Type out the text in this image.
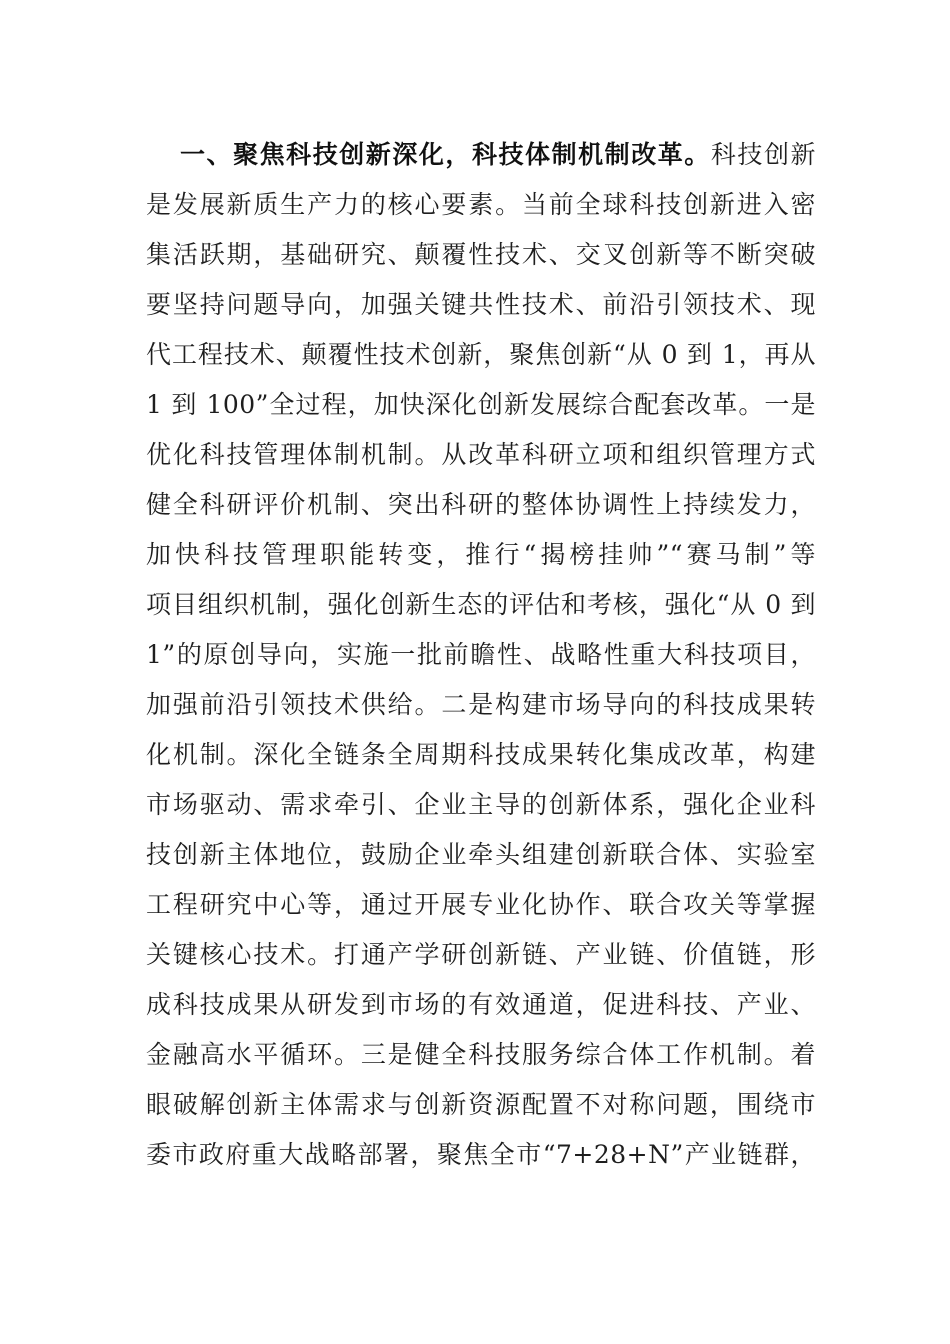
一、聚焦科技创新深化，科技体制机制改革。科技创新
是发展新质生产力的核心要素。当前全球科技创新进入密
集活跃期，基础研究、颠覆性技术、交叉创新等不断突破
要坚持问题导向，加强关键共性技术、前沿引领技术、现
代工程技术、颠覆性技术创新，聚焦创新“从 0 到 1，再从
1 到 100”全过程，加快深化创新发展综合配套改革。一是
优化科技管理体制机制。从改革科研立项和组织管理方式
健全科研评价机制、突出科研的整体协调性上持续发力，
加快科技管理职能转变，推行“揭榜挂帅”“赛马制”等
项目组织机制，强化创新生态的评估和考核，强化“从 0 到
1”的原创导向，实施一批前瞻性、战略性重大科技项目，
加强前沿引领技术供给。二是构建市场导向的科技成果转
化机制。深化全链条全周期科技成果转化集成改革，构建
市场驱动、需求牵引、企业主导的创新体系，强化企业科
技创新主体地位，鼓励企业牵头组建创新联合体、实验室
工程研究中心等，通过开展专业化协作、联合攻关等掌握
关键核心技术。打通产学研创新链、产业链、价值链，形
成科技成果从研发到市场的有效通道，促进科技、产业、
金融高水平循环。三是健全科技服务综合体工作机制。着
眼破解创新主体需求与创新资源配置不对称问题，围绕市
委市政府重大战略部署，聚焦全市“7+28+N”产业链群，
